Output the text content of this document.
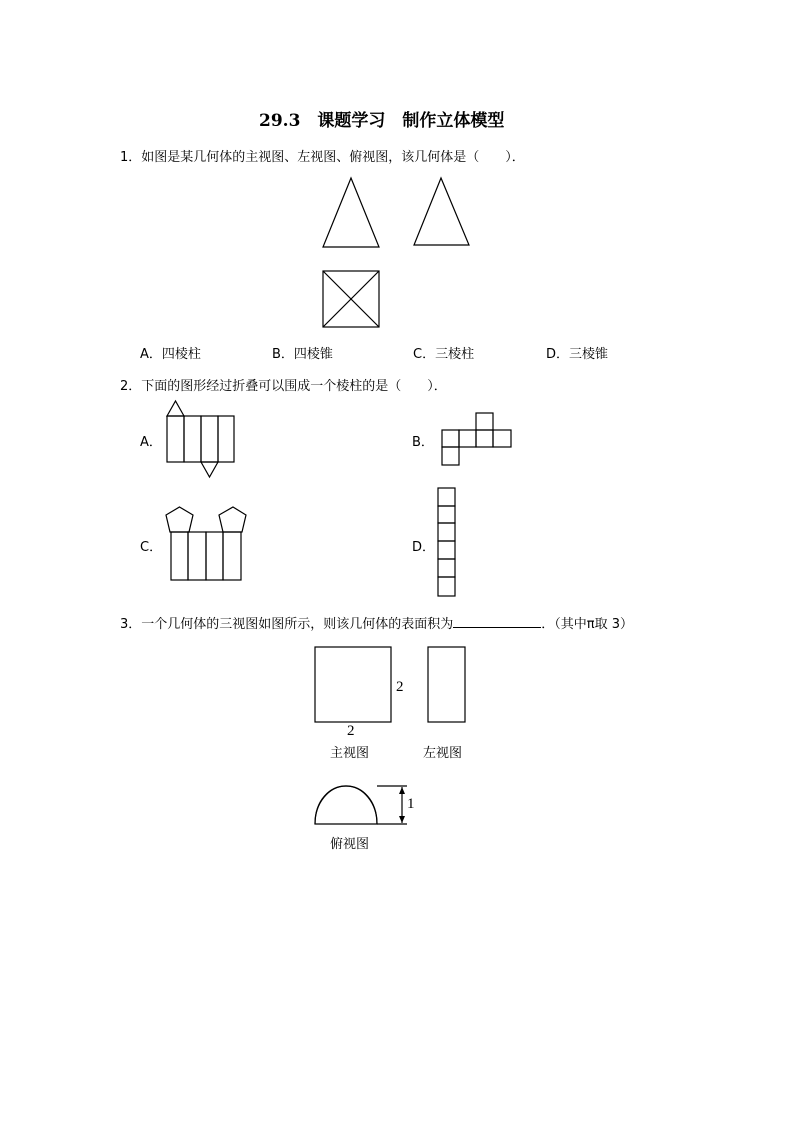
29.3　课题学习　制作立体模型
1．如图是某几何体的主视图、左视图、俯视图，该几何体是（　　）．
A．四棱柱	B．四棱锥	C．三棱柱	D．三棱锥
2．下面的图形经过折叠可以围成一个棱柱的是（　　）．
A．	B．
C．	D．
3．一个几何体的三视图如图所示，则该几何体的表面积为	．（其中π取 3）
2
2
主视图	左视图
1
俯视图
